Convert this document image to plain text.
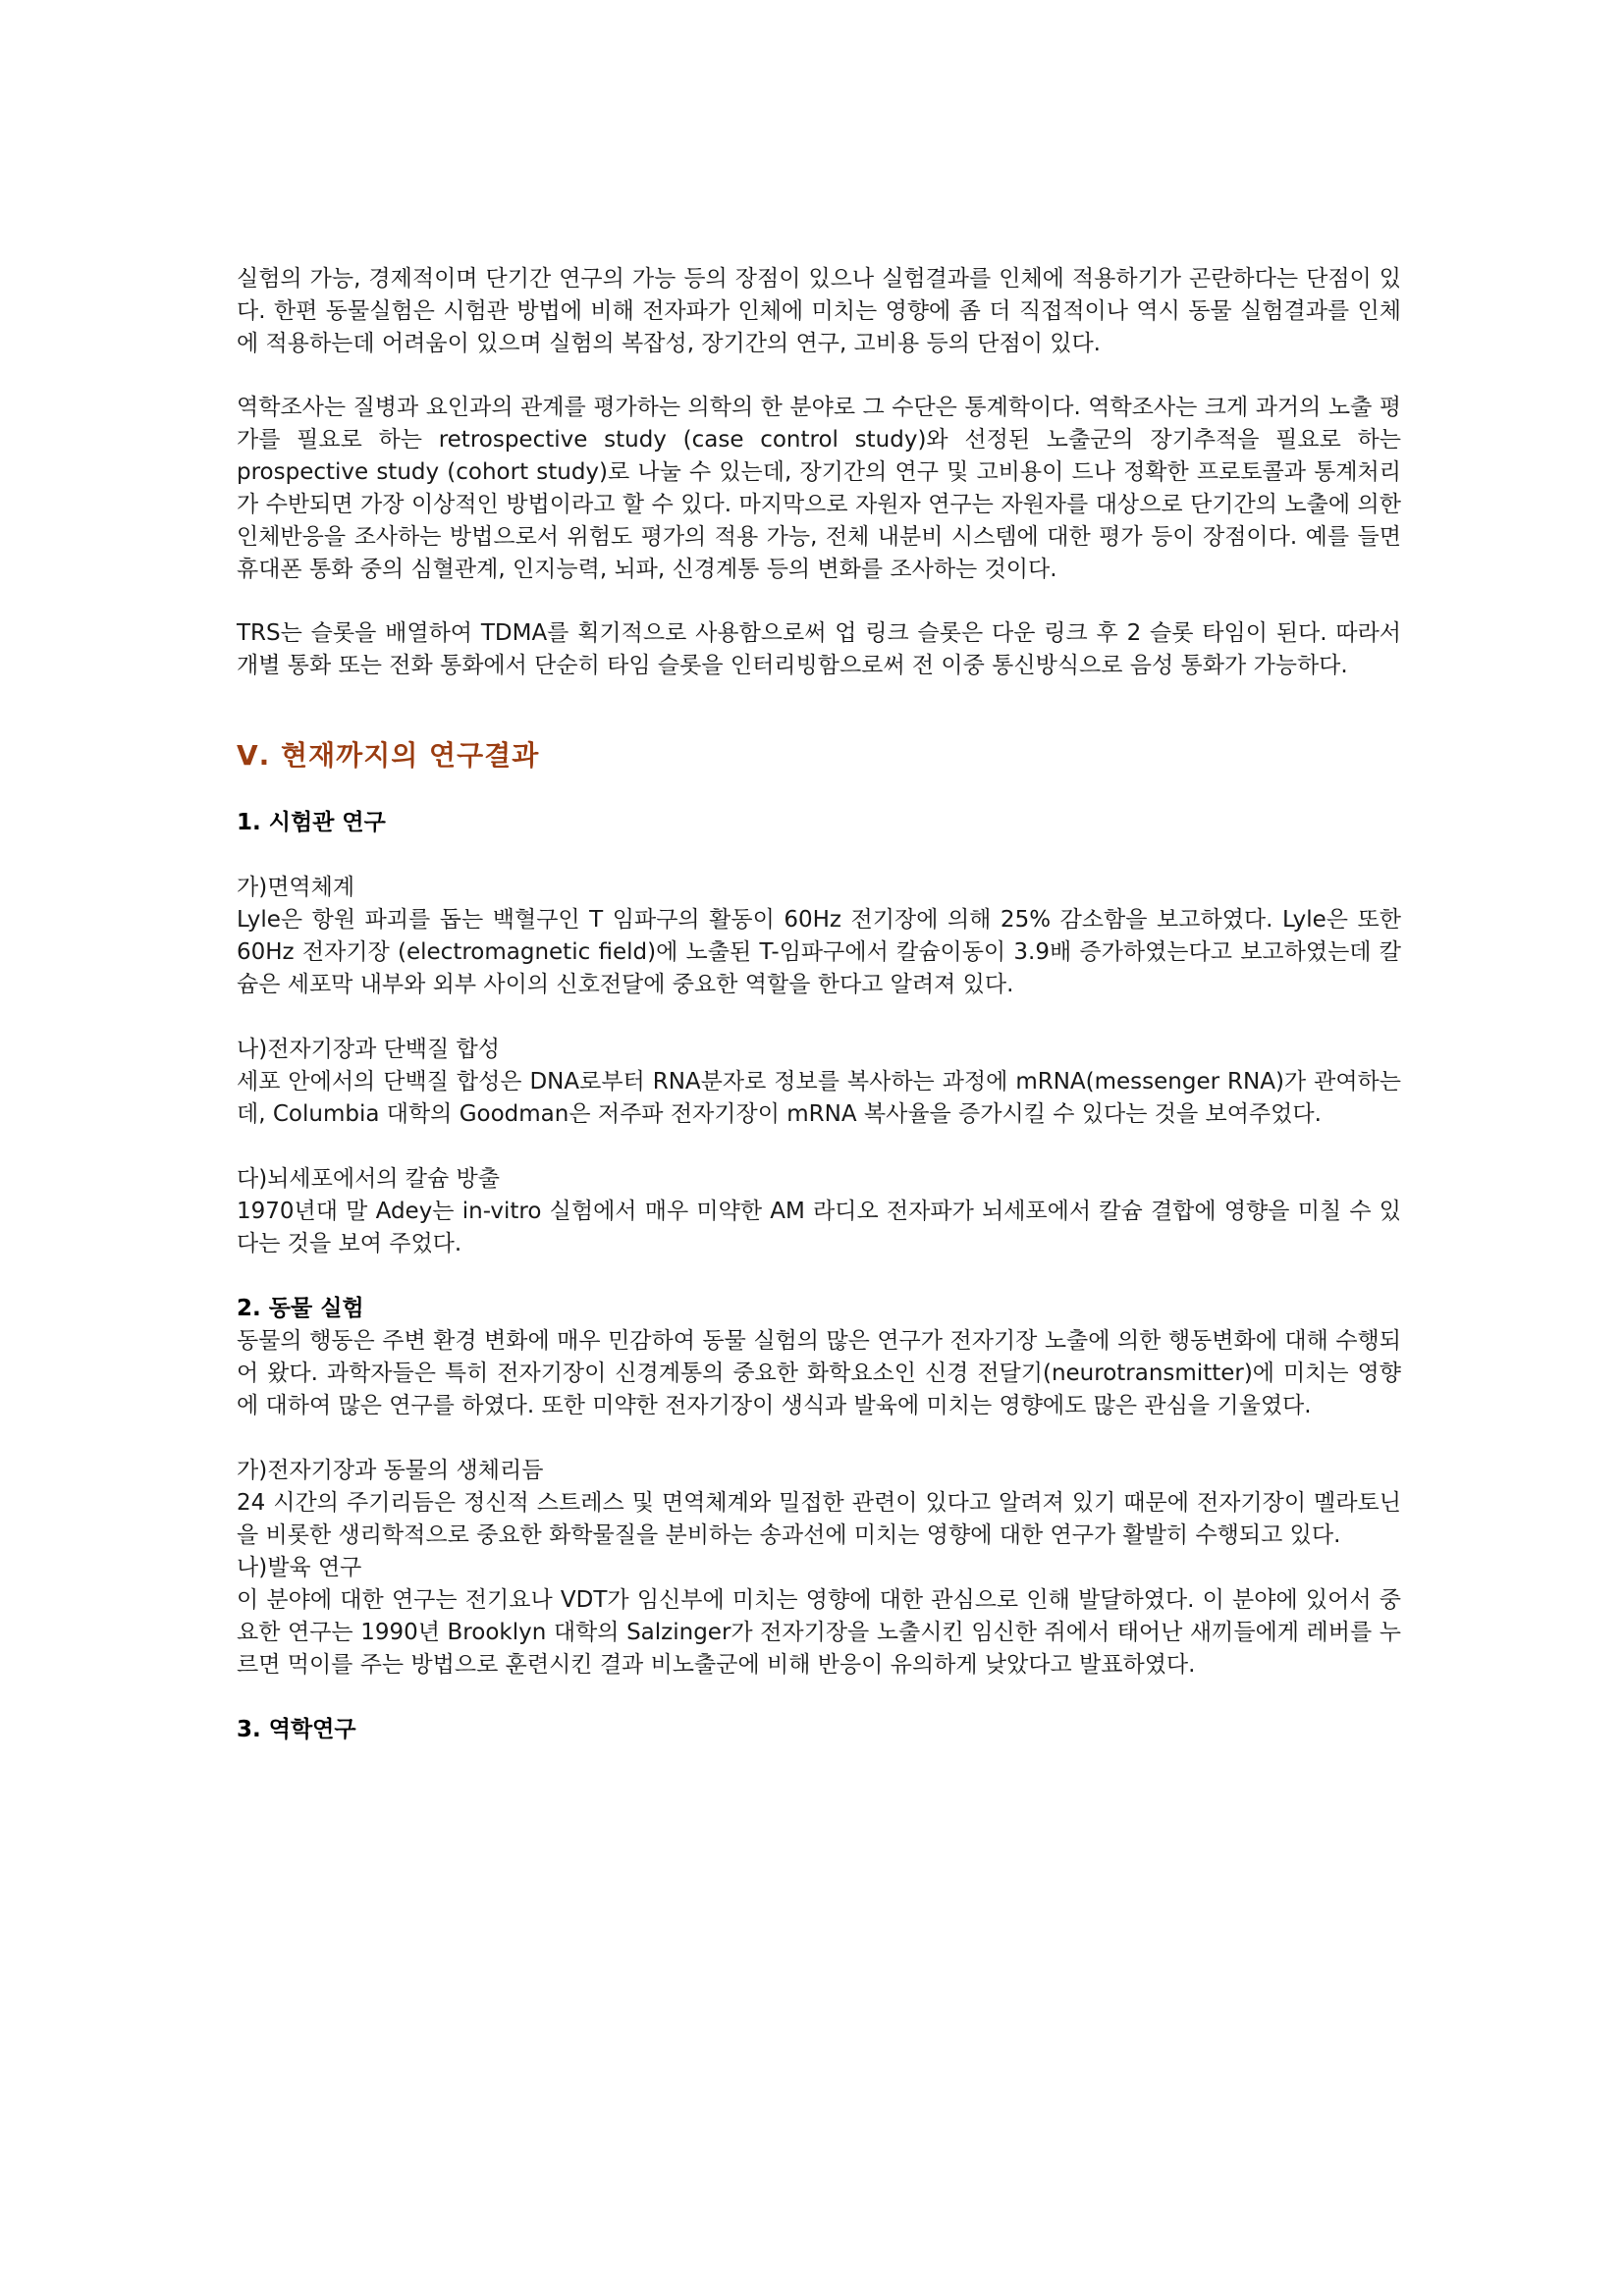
실험의 가능, 경제적이며 단기간 연구의 가능 등의 장점이 있으나 실험결과를 인체에 적용하기가 곤란하다는 단점이 있다. 한편 동물실험은 시험관 방법에 비해 전자파가 인체에 미치는 영향에 좀 더 직접적이나 역시 동물 실험결과를 인체에 적용하는데 어려움이 있으며 실험의 복잡성, 장기간의 연구, 고비용 등의 단점이 있다.

역학조사는 질병과 요인과의 관계를 평가하는 의학의 한 분야로 그 수단은 통계학이다. 역학조사는 크게 과거의 노출 평가를 필요로 하는 retrospective study (case control study)와 선정된 노출군의 장기추적을 필요로 하는 prospective study (cohort study)로 나눌 수 있는데, 장기간의 연구 및 고비용이 드나 정확한 프로토콜과 통계처리가 수반되면 가장 이상적인 방법이라고 할 수 있다. 마지막으로 자원자 연구는 자원자를 대상으로 단기간의 노출에 의한 인체반응을 조사하는 방법으로서 위험도 평가의 적용 가능, 전체 내분비 시스템에 대한 평가 등이 장점이다. 예를 들면 휴대폰 통화 중의 심혈관계, 인지능력, 뇌파, 신경계통 등의 변화를 조사하는 것이다.

TRS는 슬롯을 배열하여 TDMA를 획기적으로 사용함으로써 업 링크 슬롯은 다운 링크 후 2 슬롯 타임이 된다. 따라서 개별 통화 또는 전화 통화에서 단순히 타임 슬롯을 인터리빙함으로써 전 이중 통신방식으로 음성 통화가 가능하다.

Ⅴ. 현재까지의 연구결과
1. 시험관 연구
가)면역체계

Lyle은 항원 파괴를 돕는 백혈구인 T 임파구의 활동이 60Hz 전기장에 의해 25% 감소함을 보고하였다. Lyle은 또한 60Hz 전자기장 (electromagnetic field)에 노출된 T-임파구에서 칼슘이동이 3.9배 증가하였는다고 보고하였는데 칼슘은 세포막 내부와 외부 사이의 신호전달에 중요한 역할을 한다고 알려져 있다.

나)전자기장과 단백질 합성

세포 안에서의 단백질 합성은 DNA로부터 RNA분자로 정보를 복사하는 과정에 mRNA(messenger RNA)가 관여하는데, Columbia 대학의 Goodman은 저주파 전자기장이 mRNA 복사율을 증가시킬 수 있다는 것을 보여주었다.

다)뇌세포에서의 칼슘 방출

1970년대 말 Adey는 in-vitro 실험에서 매우 미약한 AM 라디오 전자파가 뇌세포에서 칼슘 결합에 영향을 미칠 수 있다는 것을 보여 주었다.

2. 동물 실험

동물의 행동은 주변 환경 변화에 매우 민감하여 동물 실험의 많은 연구가 전자기장 노출에 의한 행동변화에 대해 수행되어 왔다. 과학자들은 특히 전자기장이 신경계통의 중요한 화학요소인 신경 전달기(neurotransmitter)에 미치는 영향에 대하여 많은 연구를 하였다. 또한 미약한 전자기장이 생식과 발육에 미치는 영향에도 많은 관심을 기울였다.

가)전자기장과 동물의 생체리듬

24 시간의 주기리듬은 정신적 스트레스 및 면역체계와 밀접한 관련이 있다고 알려져 있기 때문에 전자기장이 멜라토닌을 비롯한 생리학적으로 중요한 화학물질을 분비하는 송과선에 미치는 영향에 대한 연구가 활발히 수행되고 있다.

나)발육 연구

이 분야에 대한 연구는 전기요나 VDT가 임신부에 미치는 영향에 대한 관심으로 인해 발달하였다. 이 분야에 있어서 중요한 연구는 1990년 Brooklyn 대학의 Salzinger가 전자기장을 노출시킨 임신한 쥐에서 태어난 새끼들에게 레버를 누르면 먹이를 주는 방법으로 훈련시킨 결과 비노출군에 비해 반응이 유의하게 낮았다고 발표하였다.

3. 역학연구
